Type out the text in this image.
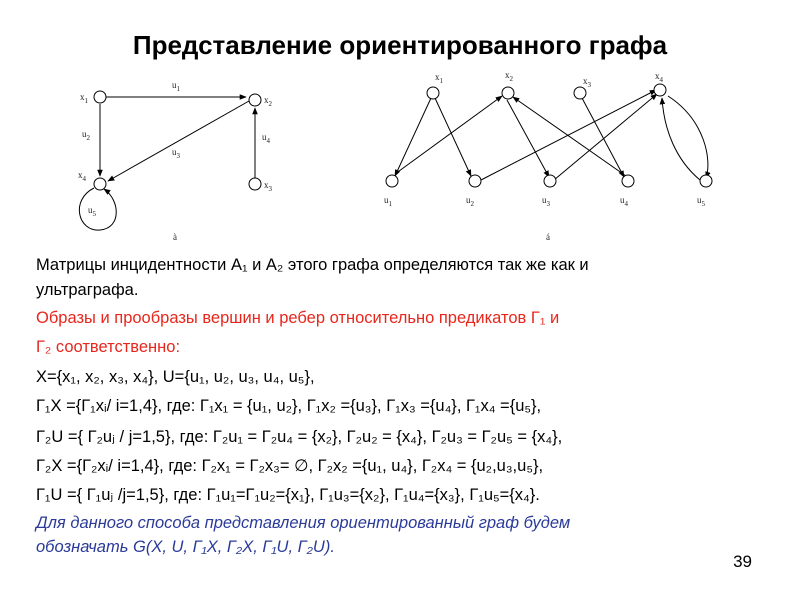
Представление ориентированного графа
$x_1$	$x_2$
$x_3$
$x_4$
$u_1$
$u_2$
$u_3$
$u_4$
$u_5$
à
$x_1$
$x_2$	$x_3$
$x_4$
$u_1$	$u_2$	$u_3$	$u_4$	$u_5$
á
Матрицы инцидентности A₁ и A₂ этого графа определяются так же как и
ультраграфа.
Образы и прообразы вершин и ребер относительно предикатов Г₁ и
Г₂ соответственно:
X={x₁, x₂, x₃, x₄}, U={u₁, u₂, u₃, u₄, u₅},
Г₁X ={Г₁xᵢ/ i=1,4}, где: Г₁x₁ = {u₁, u₂}, Г₁x₂ ={u₃}, Г₁x₃ ={u₄}, Г₁x₄ ={u₅},
Г₂U ={ Г₂uⱼ / j=1,5}, где: Г₂u₁ = Г₂u₄ = {x₂}, Г₂u₂ = {x₄}, Г₂u₃ = Г₂u₅ = {x₄},
Г₂X ={Г₂xᵢ/ i=1,4}, где: Г₂x₁ = Г₂x₃= ∅, Г₂x₂ ={u₁, u₄}, Г₂x₄ = {u₂,u₃,u₅},
Г₁U ={ Г₁uⱼ /j=1,5}, где: Г₁u₁=Г₁u₂={x₁}, Г₁u₃={x₂}, Г₁u₄={x₃}, Г₁u₅={x₄}.
Для данного способа представления ориентированный граф будем
обозначать G(X, U, Г₁X, Г₂X, Г₁U, Г₂U).
39
